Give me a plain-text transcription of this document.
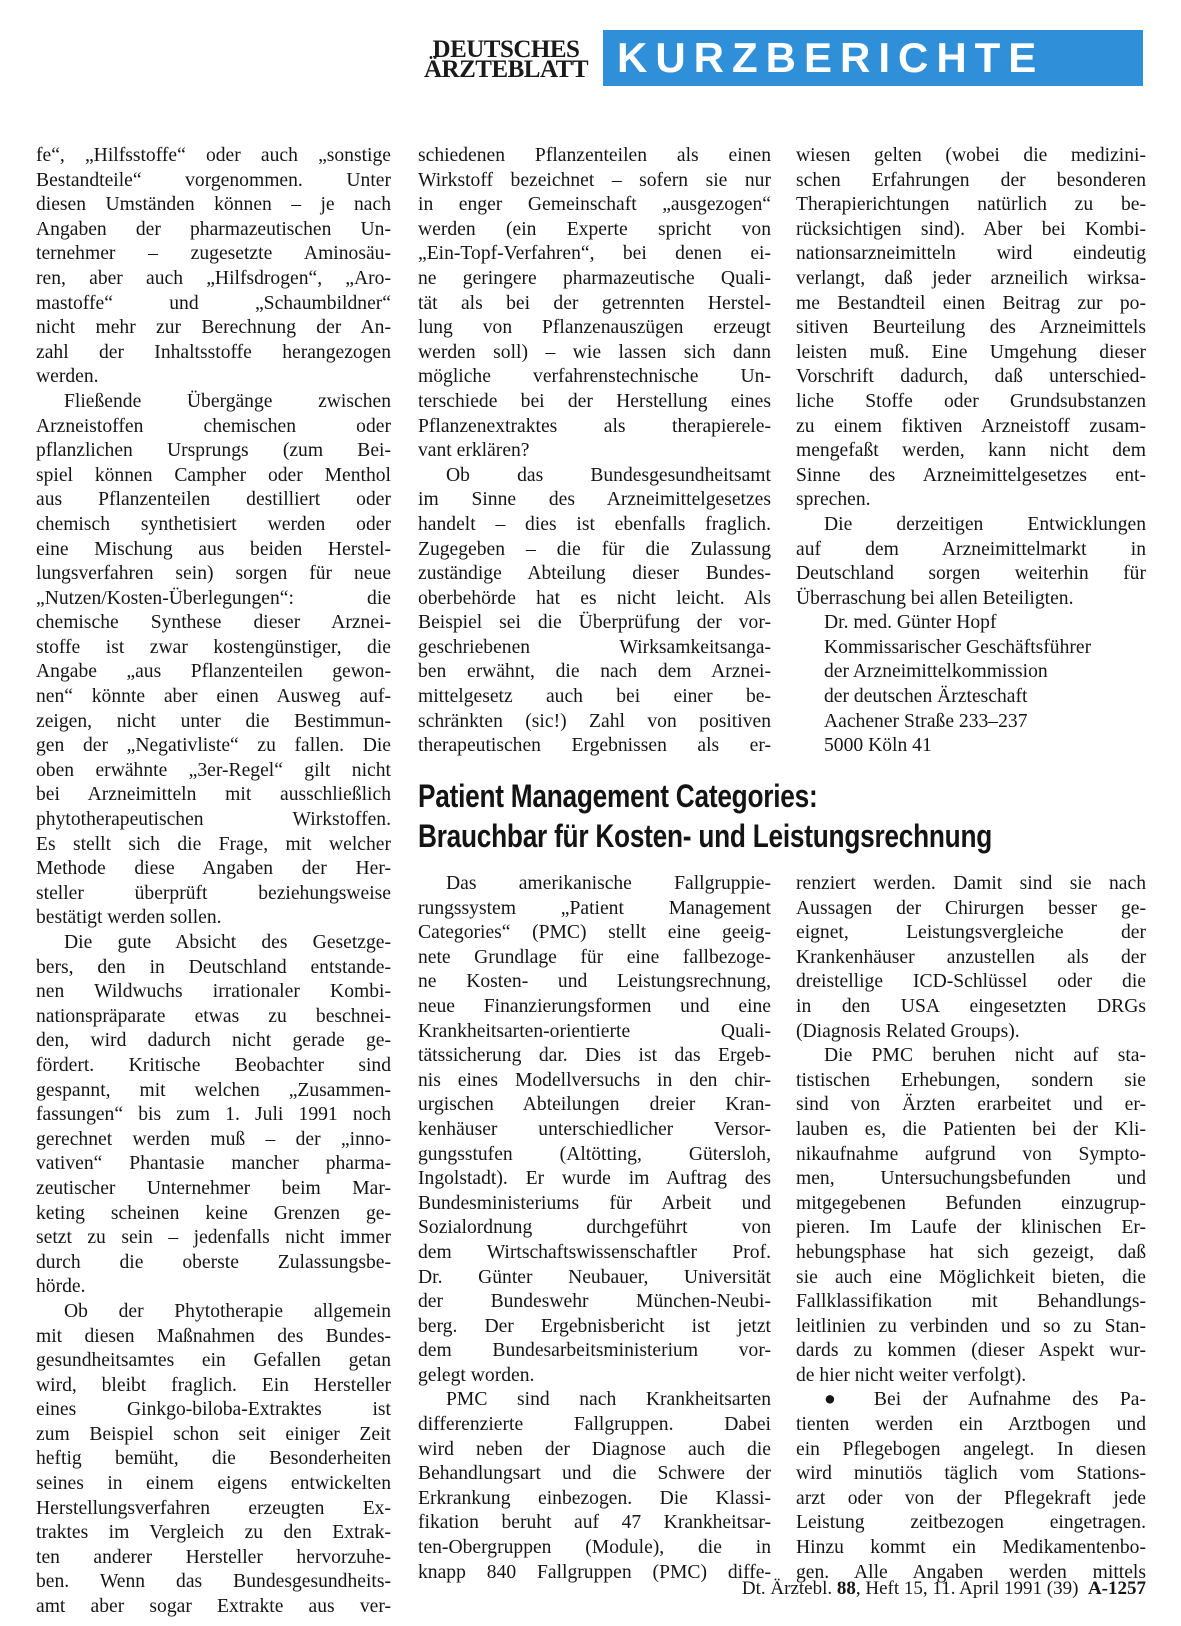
DEUTSCHES
ÄRZTEBLATT KURZBERICHTE
fe“, „Hilfsstoffe“ oder auch „sonstige
Bestandteile“ vorgenommen. Unter
diesen Umständen können – je nach
Angaben der pharmazeutischen Un-
ternehmer – zugesetzte Aminosäu-
ren, aber auch „Hilfsdrogen“, „Aro-
mastoffe“ und „Schaumbildner“
nicht mehr zur Berechnung der An-
zahl der Inhaltsstoffe herangezogen
werden.
Fließende Übergänge zwischen
Arzneistoffen chemischen oder
pflanzlichen Ursprungs (zum Bei-
spiel können Campher oder Menthol
aus Pflanzenteilen destilliert oder
chemisch synthetisiert werden oder
eine Mischung aus beiden Herstel-
lungsverfahren sein) sorgen für neue
„Nutzen/Kosten-Überlegungen“: die
chemische Synthese dieser Arznei-
stoffe ist zwar kostengünstiger, die
Angabe „aus Pflanzenteilen gewon-
nen“ könnte aber einen Ausweg auf-
zeigen, nicht unter die Bestimmun-
gen der „Negativliste“ zu fallen. Die
oben erwähnte „3er-Regel“ gilt nicht
bei Arzneimitteln mit ausschließlich
phytotherapeutischen Wirkstoffen.
Es stellt sich die Frage, mit welcher
Methode diese Angaben der Her-
steller überprüft beziehungsweise
bestätigt werden sollen.
Die gute Absicht des Gesetzge-
bers, den in Deutschland entstande-
nen Wildwuchs irrationaler Kombi-
nationspräparate etwas zu beschnei-
den, wird dadurch nicht gerade ge-
fördert. Kritische Beobachter sind
gespannt, mit welchen „Zusammen-
fassungen“ bis zum 1. Juli 1991 noch
gerechnet werden muß – der „inno-
vativen“ Phantasie mancher pharma-
zeutischer Unternehmer beim Mar-
keting scheinen keine Grenzen ge-
setzt zu sein – jedenfalls nicht immer
durch die oberste Zulassungsbe-
hörde.
Ob der Phytotherapie allgemein
mit diesen Maßnahmen des Bundes-
gesundheitsamtes ein Gefallen getan
wird, bleibt fraglich. Ein Hersteller
eines Ginkgo-biloba-Extraktes ist
zum Beispiel schon seit einiger Zeit
heftig bemüht, die Besonderheiten
seines in einem eigens entwickelten
Herstellungsverfahren erzeugten Ex-
traktes im Vergleich zu den Extrak-
ten anderer Hersteller hervorzuhe-
ben. Wenn das Bundesgesundheits-
amt aber sogar Extrakte aus ver-
schiedenen Pflanzenteilen als einen
Wirkstoff bezeichnet – sofern sie nur
in enger Gemeinschaft „ausgezogen“
werden (ein Experte spricht von
„Ein-Topf-Verfahren“, bei denen ei-
ne geringere pharmazeutische Quali-
tät als bei der getrennten Herstel-
lung von Pflanzenauszügen erzeugt
werden soll) – wie lassen sich dann
mögliche verfahrenstechnische Un-
terschiede bei der Herstellung eines
Pflanzenextraktes als therapierele-
vant erklären?
Ob das Bundesgesundheitsamt
im Sinne des Arzneimittelgesetzes
handelt – dies ist ebenfalls fraglich.
Zugegeben – die für die Zulassung
zuständige Abteilung dieser Bundes-
oberbehörde hat es nicht leicht. Als
Beispiel sei die Überprüfung der vor-
geschriebenen Wirksamkeitsanga-
ben erwähnt, die nach dem Arznei-
mittelgesetz auch bei einer be-
schränkten (sic!) Zahl von positiven
therapeutischen Ergebnissen als er-
wiesen gelten (wobei die medizini-
schen Erfahrungen der besonderen
Therapierichtungen natürlich zu be-
rücksichtigen sind). Aber bei Kombi-
nationsarzneimitteln wird eindeutig
verlangt, daß jeder arzneilich wirksa-
me Bestandteil einen Beitrag zur po-
sitiven Beurteilung des Arzneimittels
leisten muß. Eine Umgehung dieser
Vorschrift dadurch, daß unterschied-
liche Stoffe oder Grundsubstanzen
zu einem fiktiven Arzneistoff zusam-
mengefaßt werden, kann nicht dem
Sinne des Arzneimittelgesetzes ent-
sprechen.
Die derzeitigen Entwicklungen
auf dem Arzneimittelmarkt in
Deutschland sorgen weiterhin für
Überraschung bei allen Beteiligten.

Dr. med. Günter Hopf

Kommissarischer Geschäftsführer

der Arzneimittelkommission

der deutschen Ärzteschaft

Aachener Straße 233–237

5000 Köln 41

Patient Management Categories:
Brauchbar für Kosten- und Leistungsrechnung
Das amerikanische Fallgruppie-
rungssystem „Patient Management
Categories“ (PMC) stellt eine geeig-
nete Grundlage für eine fallbezoge-
ne Kosten- und Leistungsrechnung,
neue Finanzierungsformen und eine
Krankheitsarten-orientierte Quali-
tätssicherung dar. Dies ist das Ergeb-
nis eines Modellversuchs in den chir-
urgischen Abteilungen dreier Kran-
kenhäuser unterschiedlicher Versor-
gungsstufen (Altötting, Gütersloh,
Ingolstadt). Er wurde im Auftrag des
Bundesministeriums für Arbeit und
Sozialordnung durchgeführt von
dem Wirtschaftswissenschaftler Prof.
Dr. Günter Neubauer, Universität
der Bundeswehr München-Neubi-
berg. Der Ergebnisbericht ist jetzt
dem Bundesarbeitsministerium vor-
gelegt worden.
PMC sind nach Krankheitsarten
differenzierte Fallgruppen. Dabei
wird neben der Diagnose auch die
Behandlungsart und die Schwere der
Erkrankung einbezogen. Die Klassi-
fikation beruht auf 47 Krankheitsar-
ten-Obergruppen (Module), die in
knapp 840 Fallgruppen (PMC) diffe-
renziert werden. Damit sind sie nach
Aussagen der Chirurgen besser ge-
eignet, Leistungsvergleiche der
Krankenhäuser anzustellen als der
dreistellige ICD-Schlüssel oder die
in den USA eingesetzten DRGs
(Diagnosis Related Groups).
Die PMC beruhen nicht auf sta-
tistischen Erhebungen, sondern sie
sind von Ärzten erarbeitet und er-
lauben es, die Patienten bei der Kli-
nikaufnahme aufgrund von Sympto-
men, Untersuchungsbefunden und
mitgegebenen Befunden einzugrup-
pieren. Im Laufe der klinischen Er-
hebungsphase hat sich gezeigt, daß
sie auch eine Möglichkeit bieten, die
Fallklassifikation mit Behandlungs-
leitlinien zu verbinden und so zu Stan-
dards zu kommen (dieser Aspekt wur-
de hier nicht weiter verfolgt).
● Bei der Aufnahme des Pa-
tienten werden ein Arztbogen und
ein Pflegebogen angelegt. In diesen
wird minutiös täglich vom Stations-
arzt oder von der Pflegekraft jede
Leistung zeitbezogen eingetragen.
Hinzu kommt ein Medikamentenbo-
gen. Alle Angaben werden mittels
Dt. Ärztebl. 88, Heft 15, 11. April 1991 (39) A-1257
